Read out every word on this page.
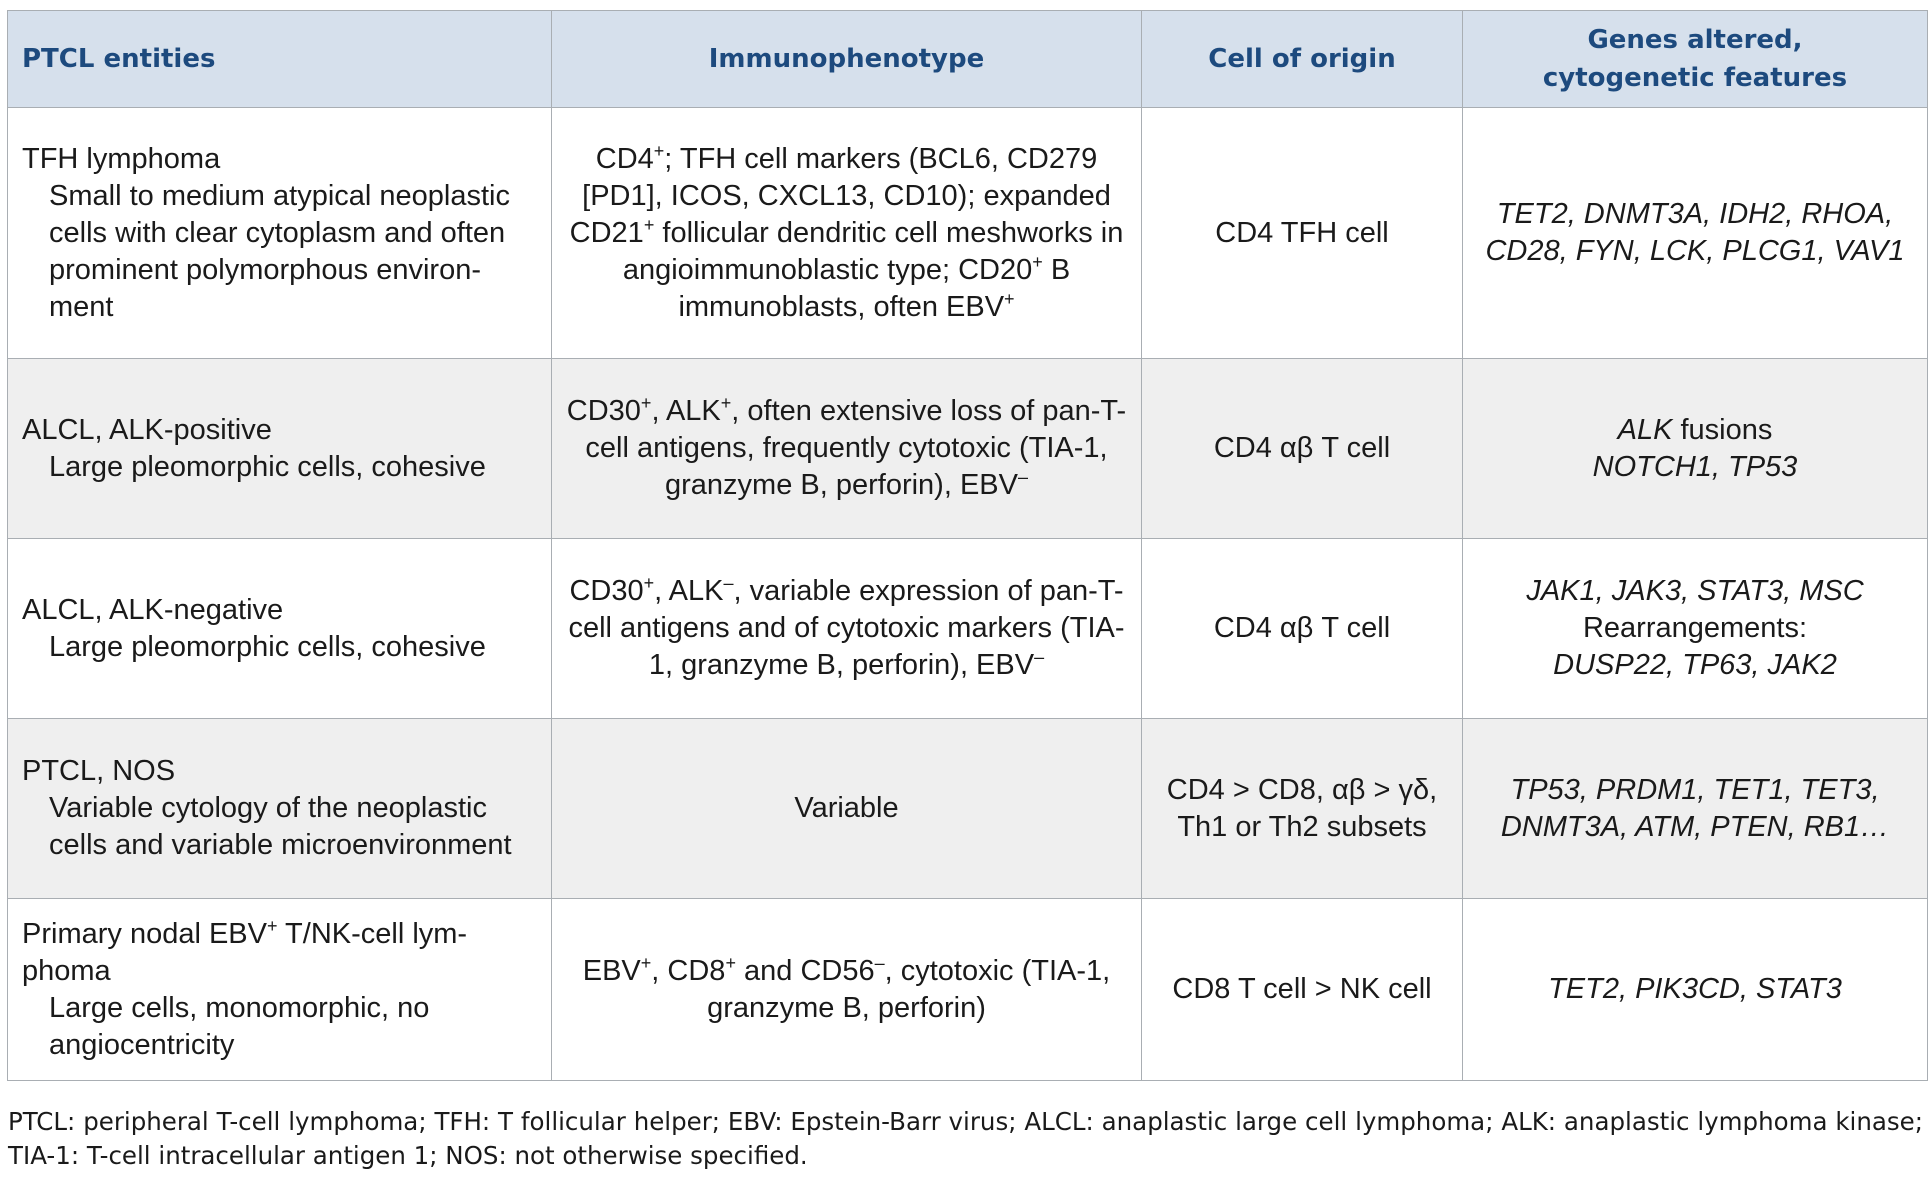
PTCL entities	Immunophenotype	Cell of origin	Genes altered,
cytogenetic features

TFH lymphoma
Small to medium atypical neoplastic cells with clear cytoplasm and often prominent polymorphous environ-ment	CD4+; TFH cell markers (BCL6, CD279 [PD1], ICOS, CXCL13, CD10); expanded CD21+ follicular dendritic cell meshworks in angioimmunoblastic type; CD20+ B immunoblasts, often EBV+	CD4 TFH cell	TET2, DNMT3A, IDH2, RHOA,
CD28, FYN, LCK, PLCG1, VAV1

ALCL, ALK-positive
Large pleomorphic cells, cohesive	CD30+, ALK+, often extensive loss of pan-T-cell antigens, frequently cytotoxic (TIA-1, granzyme B, perforin), EBV–	CD4 αβ T cell	ALK fusions
NOTCH1, TP53

ALCL, ALK-negative
Large pleomorphic cells, cohesive	CD30+, ALK–, variable expression of pan-T-cell antigens and of cytotoxic markers (TIA-1, granzyme B, perforin), EBV–	CD4 αβ T cell	JAK1, JAK3, STAT3, MSC
Rearrangements:
DUSP22, TP63, JAK2

PTCL, NOS
Variable cytology of the neoplastic cells and variable microenvironment	Variable	CD4 > CD8, αβ > γδ,
Th1 or Th2 subsets	TP53, PRDM1, TET1, TET3,
DNMT3A, ATM, PTEN, RB1…

Primary nodal EBV+ T/NK-cell lym-phoma
Large cells, monomorphic, no angiocentricity	EBV+, CD8+ and CD56–, cytotoxic (TIA-1, granzyme B, perforin)	CD8 T cell > NK cell	TET2, PIK3CD, STAT3
PTCL: peripheral T-cell lymphoma; TFH: T follicular helper; EBV: Epstein-Barr virus; ALCL: anaplastic large cell lymphoma; ALK: anaplastic lymphoma kinase; TIA-1: T-cell intracellular antigen 1; NOS: not otherwise specified.
